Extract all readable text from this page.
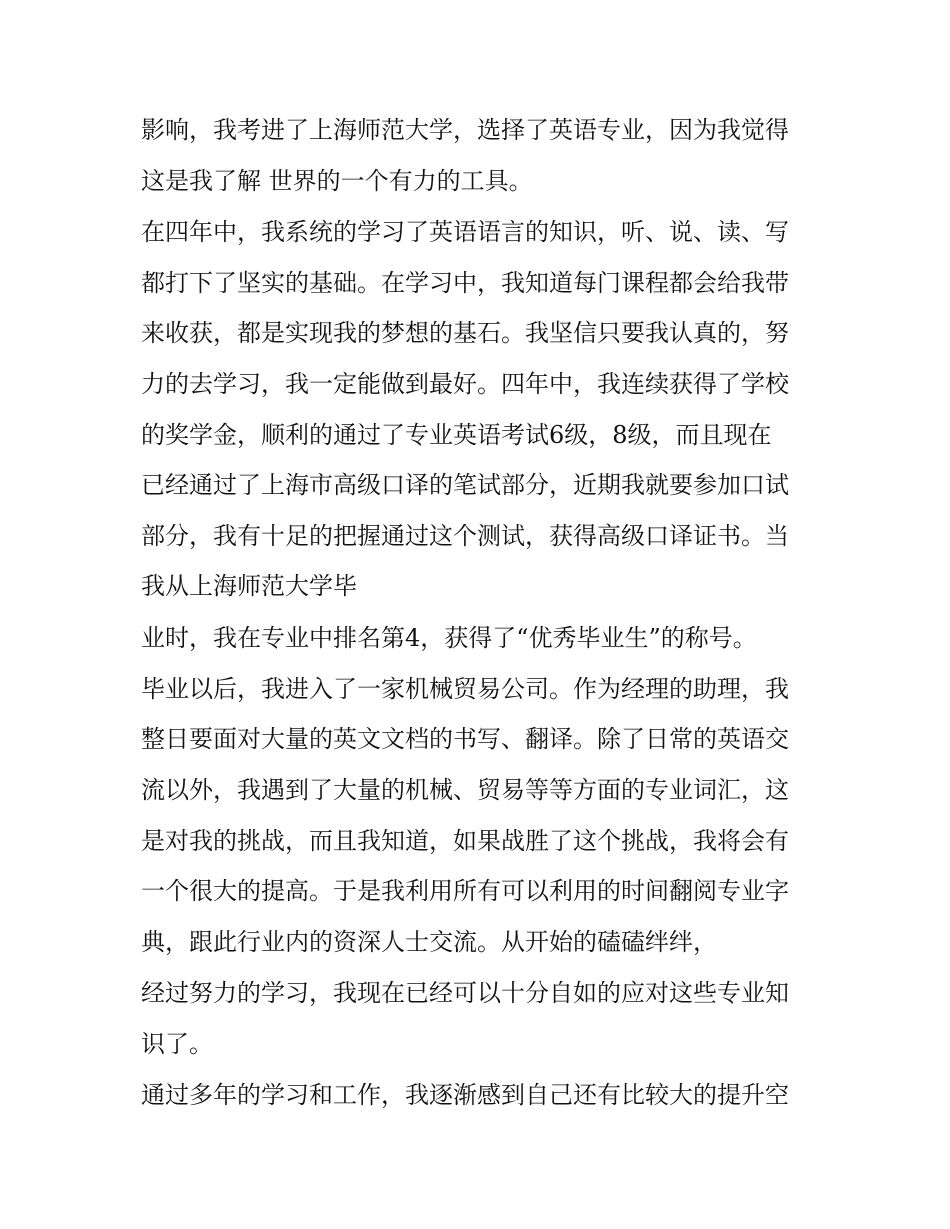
影响，我考进了上海师范大学，选择了英语专业，因为我觉得
这是我了解 世界的一个有力的工具。
在四年中，我系统的学习了英语语言的知识，听、说、读、写
都打下了坚实的基础。在学习中，我知道每门课程都会给我带
来收获，都是实现我的梦想的基石。我坚信只要我认真的，努
力的去学习，我一定能做到最好。四年中，我连续获得了学校
的奖学金，顺利的通过了专业英语考试6级，8级，而且现在
已经通过了上海市高级口译的笔试部分，近期我就要参加口试
部分，我有十足的把握通过这个测试，获得高级口译证书。当
我从上海师范大学毕
业时，我在专业中排名第4，获得了“优秀毕业生”的称号。
毕业以后，我进入了一家机械贸易公司。作为经理的助理，我
整日要面对大量的英文文档的书写、翻译。除了日常的英语交
流以外，我遇到了大量的机械、贸易等等方面的专业词汇，这
是对我的挑战，而且我知道，如果战胜了这个挑战，我将会有
一个很大的提高。于是我利用所有可以利用的时间翻阅专业字
典，跟此行业内的资深人士交流。从开始的磕磕绊绊，
经过努力的学习，我现在已经可以十分自如的应对这些专业知
识了。
通过多年的学习和工作，我逐渐感到自己还有比较大的提升空
